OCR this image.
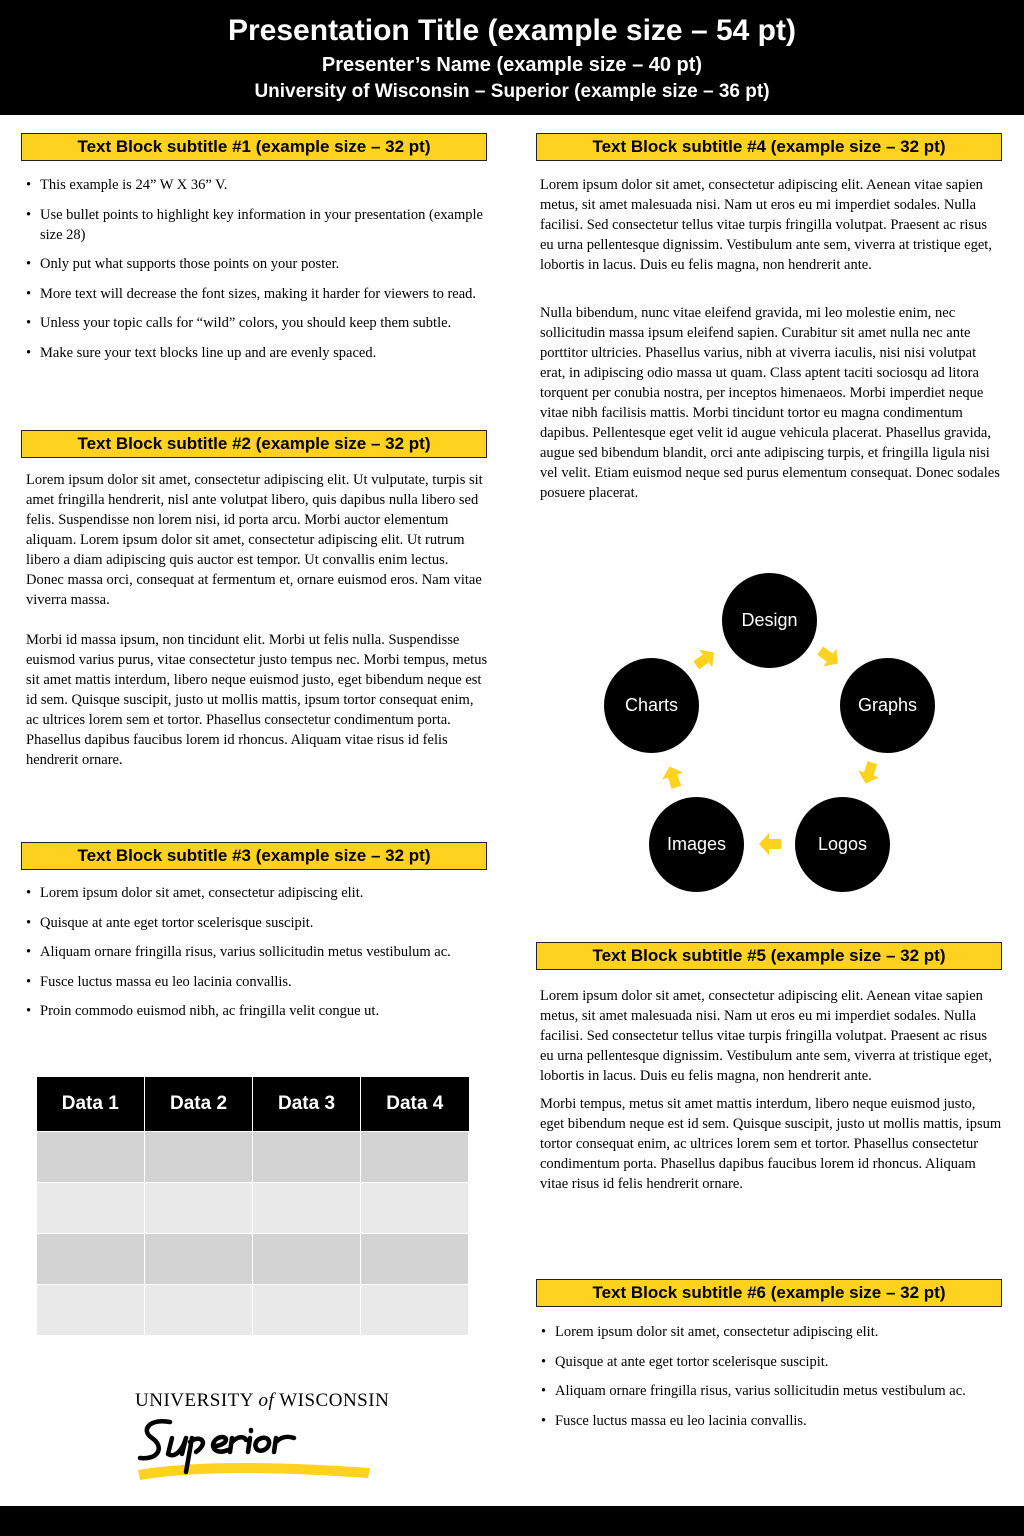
Presentation Title (example size – 54 pt)
Presenter’s Name (example size – 40 pt)
University of Wisconsin – Superior (example size – 36 pt)
Text Block subtitle #1 (example size – 32 pt)
• This example is 24” W X 36” V.
• Use bullet points to highlight key information in your presentation (example size 28)
• Only put what supports those points on your poster.
• More text will decrease the font sizes, making it harder for viewers to read.
• Unless your topic calls for “wild” colors, you should keep them subtle.
• Make sure your text blocks line up and are evenly spaced.
Text Block subtitle #2 (example size – 32 pt)

Lorem ipsum dolor sit amet, consectetur adipiscing elit. Ut vulputate, turpis sit amet fringilla hendrerit, nisl ante volutpat libero, quis dapibus nulla libero sed felis. Suspendisse non lorem nisi, id porta arcu. Morbi auctor elementum aliquam. Lorem ipsum dolor sit amet, consectetur adipiscing elit. Ut rutrum libero a diam adipiscing quis auctor est tempor. Ut convallis enim lectus. Donec massa orci, consequat at fermentum et, ornare euismod eros. Nam vitae viverra massa.

Morbi id massa ipsum, non tincidunt elit. Morbi ut felis nulla. Suspendisse euismod varius purus, vitae consectetur justo tempus nec. Morbi tempus, metus sit amet mattis interdum, libero neque euismod justo, eget bibendum neque est id sem. Quisque suscipit, justo ut mollis mattis, ipsum tortor consequat enim, ac ultrices lorem sem et tortor. Phasellus consectetur condimentum porta. Phasellus dapibus faucibus lorem id rhoncus. Aliquam vitae risus id felis hendrerit ornare.

Text Block subtitle #3 (example size – 32 pt)
• Lorem ipsum dolor sit amet, consectetur adipiscing elit.
• Quisque at ante eget tortor scelerisque suscipit.
• Aliquam ornare fringilla risus, varius sollicitudin metus vestibulum ac.
• Fusce luctus massa eu leo lacinia convallis.
• Proin commodo euismod nibh, ac fringilla velit congue ut.
Data 1	Data 2	Data 3	Data 4

UNIVERSITY of WISCONSIN
Text Block subtitle #4 (example size – 32 pt)

Lorem ipsum dolor sit amet, consectetur adipiscing elit. Aenean vitae sapien metus, sit amet malesuada nisi. Nam ut eros eu mi imperdiet sodales. Nulla facilisi. Sed consectetur tellus vitae turpis fringilla volutpat. Praesent ac risus eu urna pellentesque dignissim. Vestibulum ante sem, viverra at tristique eget, lobortis in lacus. Duis eu felis magna, non hendrerit ante.

Nulla bibendum, nunc vitae eleifend gravida, mi leo molestie enim, nec sollicitudin massa ipsum eleifend sapien. Curabitur sit amet nulla nec ante porttitor ultricies. Phasellus varius, nibh at viverra iaculis, nisi nisi volutpat erat, in adipiscing odio massa ut quam. Class aptent taciti sociosqu ad litora torquent per conubia nostra, per inceptos himenaeos. Morbi imperdiet neque vitae nibh facilisis mattis. Morbi tincidunt tortor eu magna condimentum dapibus. Pellentesque eget velit id augue vehicula placerat. Phasellus gravida, augue sed bibendum blandit, orci ante adipiscing turpis, et fringilla ligula nisi vel velit. Etiam euismod neque sed purus elementum consequat. Donec sodales posuere placerat.

Design
Graphs
Logos
Images
Charts
Text Block subtitle #5 (example size – 32 pt)

Lorem ipsum dolor sit amet, consectetur adipiscing elit. Aenean vitae sapien metus, sit amet malesuada nisi. Nam ut eros eu mi imperdiet sodales. Nulla facilisi. Sed consectetur tellus vitae turpis fringilla volutpat. Praesent ac risus eu urna pellentesque dignissim. Vestibulum ante sem, viverra at tristique eget, lobortis in lacus. Duis eu felis magna, non hendrerit ante.

Morbi tempus, metus sit amet mattis interdum, libero neque euismod justo, eget bibendum neque est id sem. Quisque suscipit, justo ut mollis mattis, ipsum tortor consequat enim, ac ultrices lorem sem et tortor. Phasellus consectetur condimentum porta. Phasellus dapibus faucibus lorem id rhoncus. Aliquam vitae risus id felis hendrerit ornare.

Text Block subtitle #6 (example size – 32 pt)
• Lorem ipsum dolor sit amet, consectetur adipiscing elit.
• Quisque at ante eget tortor scelerisque suscipit.
• Aliquam ornare fringilla risus, varius sollicitudin metus vestibulum ac.
• Fusce luctus massa eu leo lacinia convallis.
